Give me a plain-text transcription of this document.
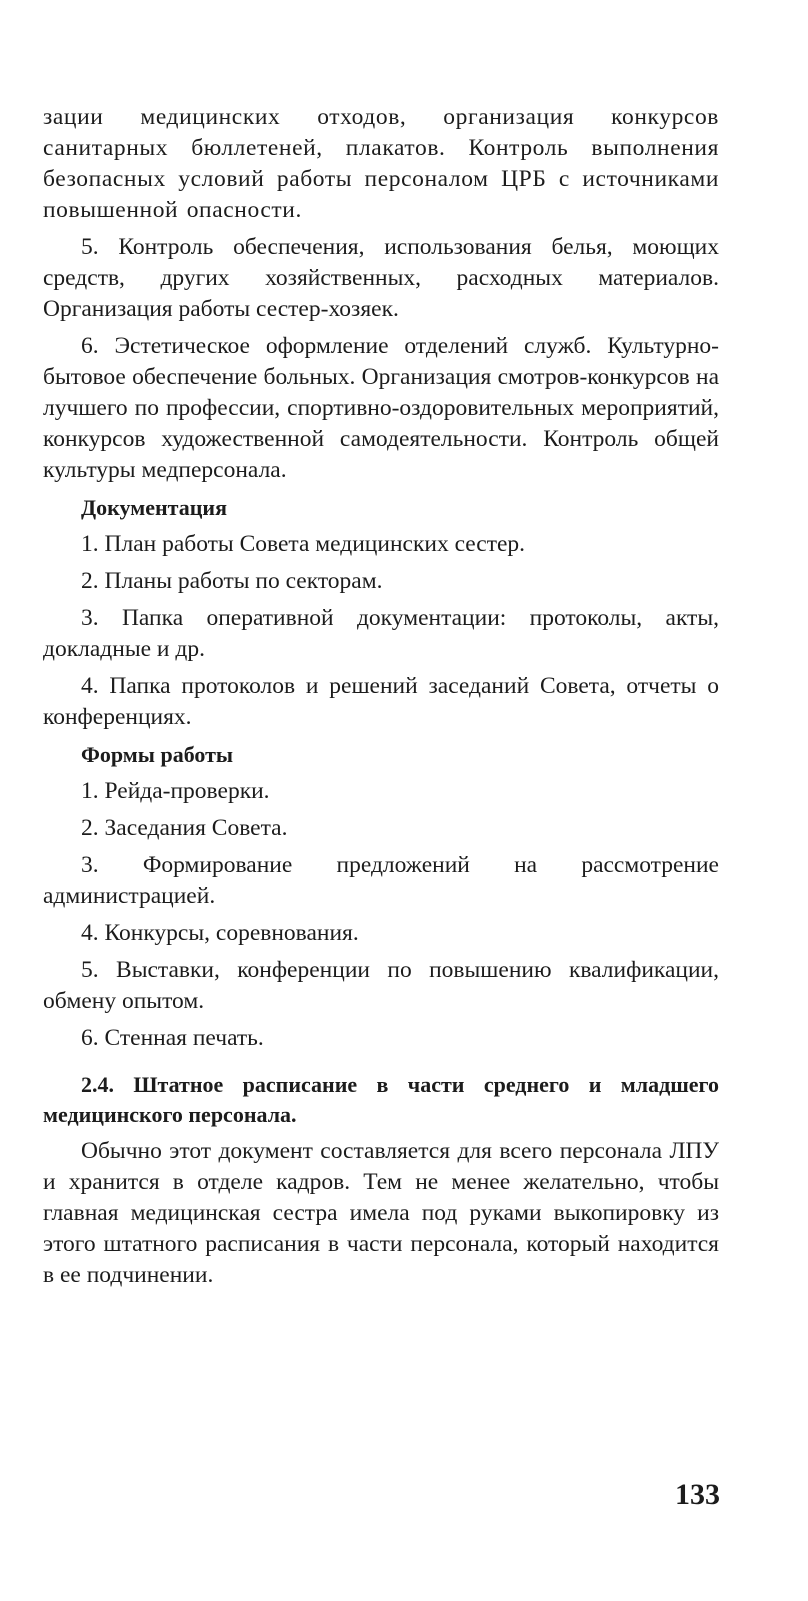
зации медицинских отходов, организация конкурсов санитарных бюллетеней, плакатов. Контроль выполнения безопасных условий работы персоналом ЦРБ с источниками повышенной опасности.

5. Контроль обеспечения, использования белья, моющих средств, других хозяйственных, расходных материалов. Организация работы сестер-хозяек.

6. Эстетическое оформление отделений служб. Культурно-бытовое обеспечение больных. Организация смотров-конкурсов на лучшего по профессии, спортивно-оздоровительных мероприятий, конкурсов художественной самодеятельности. Контроль общей культуры медперсонала.

Документация

1. План работы Совета медицинских сестер.

2. Планы работы по секторам.

3. Папка оперативной документации: протоколы, акты, докладные и др.

4. Папка протоколов и решений заседаний Совета, отчеты о конференциях.

Формы работы

1. Рейда-проверки.

2. Заседания Совета.

3. Формирование предложений на рассмотрение администрацией.

4. Конкурсы, соревнования.

5. Выставки, конференции по повышению квалификации, обмену опытом.

6. Стенная печать.

2.4. Штатное расписание в части среднего и младшего медицинского персонала.

Обычно этот документ составляется для всего персонала ЛПУ и хранится в отделе кадров. Тем не менее желательно, чтобы главная медицинская сестра имела под руками выкопировку из этого штатного расписания в части персонала, который находится в ее подчинении.

133
